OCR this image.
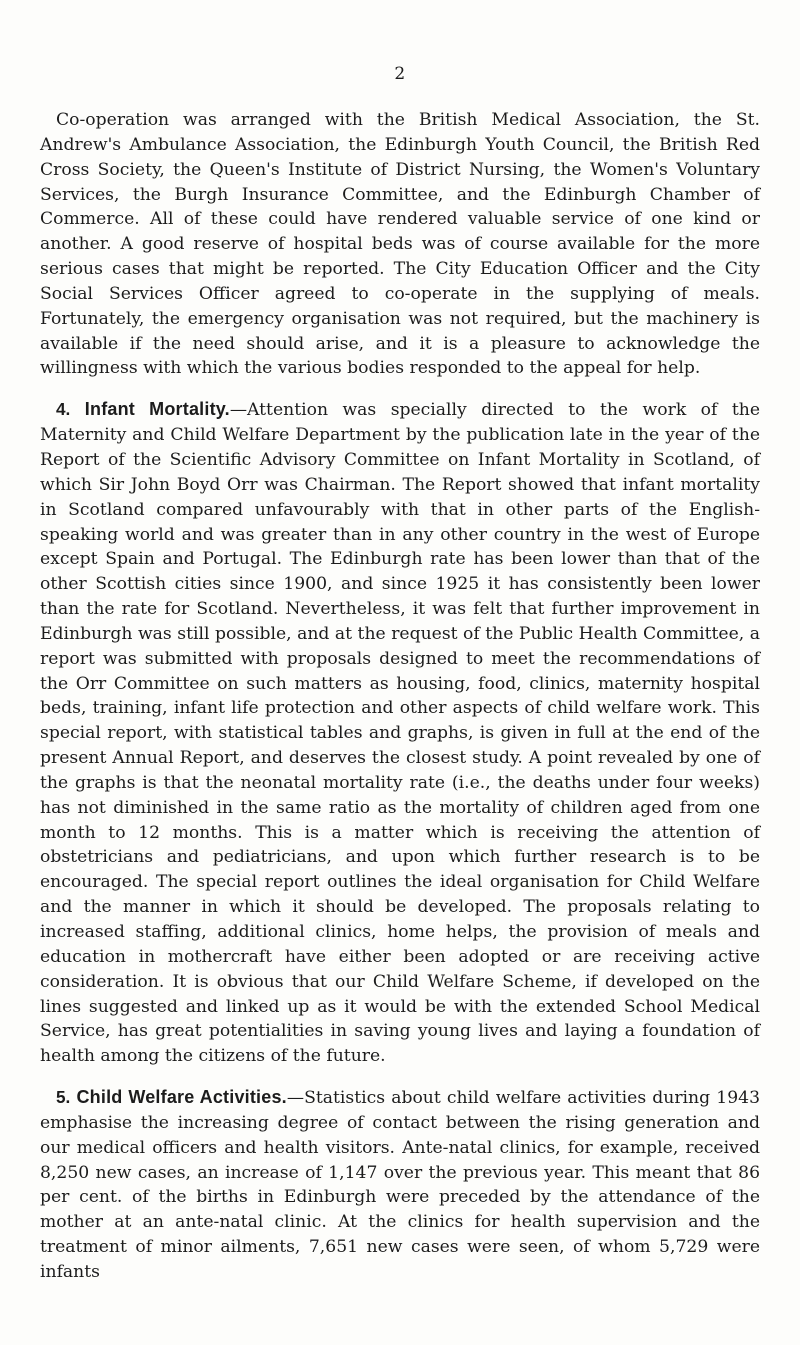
2

Co-operation was arranged with the British Medical Association, the St. Andrew's Ambulance Association, the Edinburgh Youth Council, the British Red Cross Society, the Queen's Institute of District Nursing, the Women's Voluntary Services, the Burgh Insurance Committee, and the Edinburgh Chamber of Commerce. All of these could have rendered valuable service of one kind or another. A good reserve of hospital beds was of course available for the more serious cases that might be reported. The City Education Officer and the City Social Services Officer agreed to co-operate in the supplying of meals. Fortunately, the emergency organisation was not required, but the machinery is available if the need should arise, and it is a pleasure to acknowledge the willingness with which the various bodies responded to the appeal for help.

4. Infant Mortality.—Attention was specially directed to the work of the Maternity and Child Welfare Department by the publication late in the year of the Report of the Scientific Advisory Committee on Infant Mortality in Scotland, of which Sir John Boyd Orr was Chairman. The Report showed that infant mortality in Scotland compared unfavourably with that in other parts of the English-speaking world and was greater than in any other country in the west of Europe except Spain and Portugal. The Edinburgh rate has been lower than that of the other Scottish cities since 1900, and since 1925 it has consistently been lower than the rate for Scotland. Nevertheless, it was felt that further improvement in Edinburgh was still possible, and at the request of the Public Health Committee, a report was submitted with proposals designed to meet the recommendations of the Orr Committee on such matters as housing, food, clinics, maternity hospital beds, training, infant life protection and other aspects of child welfare work. This special report, with statistical tables and graphs, is given in full at the end of the present Annual Report, and deserves the closest study. A point revealed by one of the graphs is that the neonatal mortality rate (i.e., the deaths under four weeks) has not diminished in the same ratio as the mortality of children aged from one month to 12 months. This is a matter which is receiving the attention of obstetricians and pediatricians, and upon which further research is to be encouraged. The special report outlines the ideal organisation for Child Welfare and the manner in which it should be developed. The proposals relating to increased staffing, additional clinics, home helps, the provision of meals and education in mothercraft have either been adopted or are receiving active consideration. It is obvious that our Child Welfare Scheme, if developed on the lines suggested and linked up as it would be with the extended School Medical Service, has great potentialities in saving young lives and laying a foundation of health among the citizens of the future.

5. Child Welfare Activities.—Statistics about child welfare activities during 1943 emphasise the increasing degree of contact between the rising generation and our medical officers and health visitors. Ante-natal clinics, for example, received 8,250 new cases, an increase of 1,147 over the previous year. This meant that 86 per cent. of the births in Edinburgh were preceded by the attendance of the mother at an ante-natal clinic. At the clinics for health supervision and the treatment of minor ailments, 7,651 new cases were seen, of whom 5,729 were infants
